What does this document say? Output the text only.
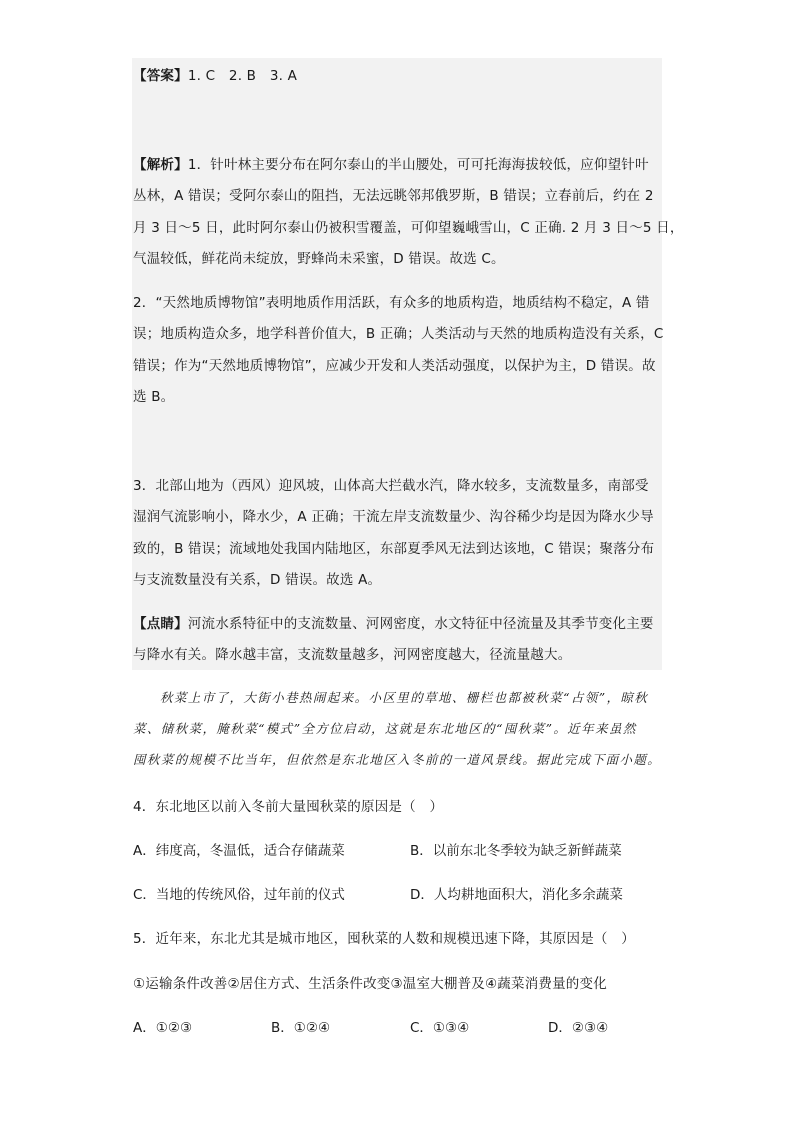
【答案】1. C　2. B　3. A
【解析】1．针叶林主要分布在阿尔泰山的半山腰处，可可托海海拔较低，应仰望针叶
丛林，A 错误；受阿尔泰山的阻挡，无法远眺邻邦俄罗斯，B 错误；立春前后，约在 2
月 3 日～5 日，此时阿尔泰山仍被积雪覆盖，可仰望巍峨雪山，C 正确. 2 月 3 日～5 日，
气温较低，鲜花尚未绽放，野蜂尚未采蜜，D 错误。故选 C。
2．“天然地质博物馆”表明地质作用活跃，有众多的地质构造，地质结构不稳定，A 错
误；地质构造众多，地学科普价值大，B 正确；人类活动与天然的地质构造没有关系，C
错误；作为“天然地质博物馆”，应减少开发和人类活动强度，以保护为主，D 错误。故
选 B。
3．北部山地为（西风）迎风坡，山体高大拦截水汽，降水较多，支流数量多，南部受
湿润气流影响小，降水少，A 正确；干流左岸支流数量少、沟谷稀少均是因为降水少导
致的，B 错误；流域地处我国内陆地区，东部夏季风无法到达该地，C 错误；聚落分布
与支流数量没有关系，D 错误。故选 A。
【点睛】河流水系特征中的支流数量、河网密度，水文特征中径流量及其季节变化主要
与降水有关。降水越丰富，支流数量越多，河网密度越大，径流量越大。
秋菜上市了，大街小巷热闹起来。小区里的草地、栅栏也都被秋菜“占领”，晾秋
菜、储秋菜，腌秋菜“模式”全方位启动，这就是东北地区的“囤秋菜”。近年来虽然
囤秋菜的规模不比当年，但依然是东北地区入冬前的一道风景线。据此完成下面小题。
4．东北地区以前入冬前大量囤秋菜的原因是（　）
A．纬度高，冬温低，适合存储蔬菜	B．以前东北冬季较为缺乏新鲜蔬菜
C．当地的传统风俗，过年前的仪式	D．人均耕地面积大，消化多余蔬菜
5．近年来，东北尤其是城市地区，囤秋菜的人数和规模迅速下降，其原因是（　）
①运输条件改善②居住方式、生活条件改变③温室大棚普及④蔬菜消费量的变化
A．①②③	B．①②④	C．①③④	D．②③④
